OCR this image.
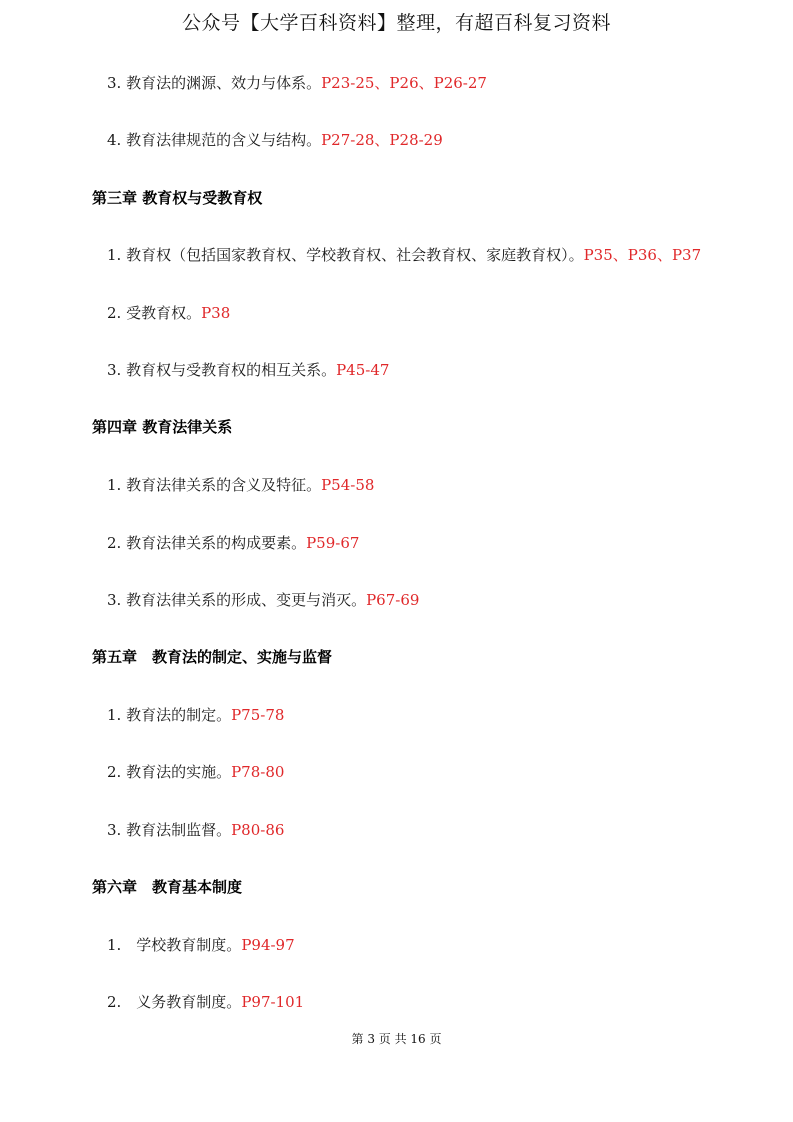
公众号【大学百科资料】整理，有超百科复习资料
3. 教育法的渊源、效力与体系。P23-25、P26、P26-27
4. 教育法律规范的含义与结构。P27-28、P28-29
第三章 教育权与受教育权
1. 教育权（包括国家教育权、学校教育权、社会教育权、家庭教育权）。P35、P36、P37
2. 受教育权。P38
3. 教育权与受教育权的相互关系。P45-47
第四章 教育法律关系
1. 教育法律关系的含义及特征。P54-58
2. 教育法律关系的构成要素。P59-67
3. 教育法律关系的形成、变更与消灭。P67-69
第五章　教育法的制定、实施与监督
1. 教育法的制定。P75-78
2. 教育法的实施。P78-80
3. 教育法制监督。P80-86
第六章　教育基本制度
1.　学校教育制度。P94-97
2.　义务教育制度。P97-101
第 3 页 共 16 页
